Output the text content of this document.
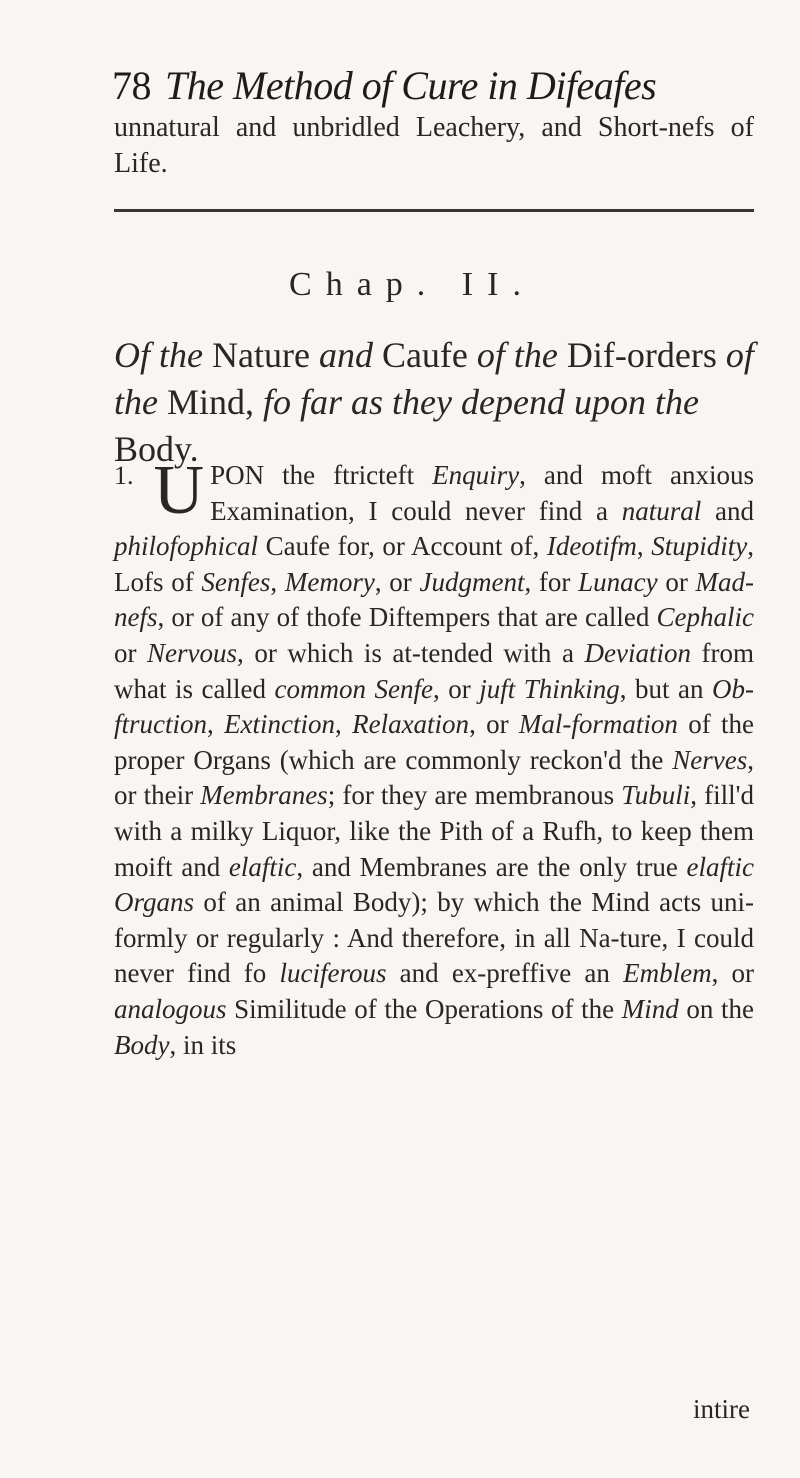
78 The Method of Cure in Difeafes
unnatural and unbridled Leachery, and Short-nefs of Life.
Chap. II.
Of the Nature and Caufe of the Dif-orders of the Mind, fo far as they depend upon the Body.
1. U PON the ftricteft Enquiry, and moft anxious Examination, I could never find a natural and philofophical Caufe for, or Account of, Ideotifm, Stupidity, Lofs of Senfes, Memory, or Judgment, for Lunacy or Mad-nefs, or of any of thofe Diftempers that are called Cephalic or Nervous, or which is at-tended with a Deviation from what is called common Senfe, or juft Thinking, but an Ob-ftruction, Extinction, Relaxation, or Mal-formation of the proper Organs (which are commonly reckon'd the Nerves, or their Membranes; for they are membranous Tubuli, fill'd with a milky Liquor, like the Pith of a Rufh, to keep them moift and elaftic, and Membranes are the only true elaftic Organs of an animal Body); by which the Mind acts uni-formly or regularly : And therefore, in all Na-ture, I could never find fo luciferous and ex-preffive an Emblem, or analogous Similitude of the Operations of the Mind on the Body, in its
intire
